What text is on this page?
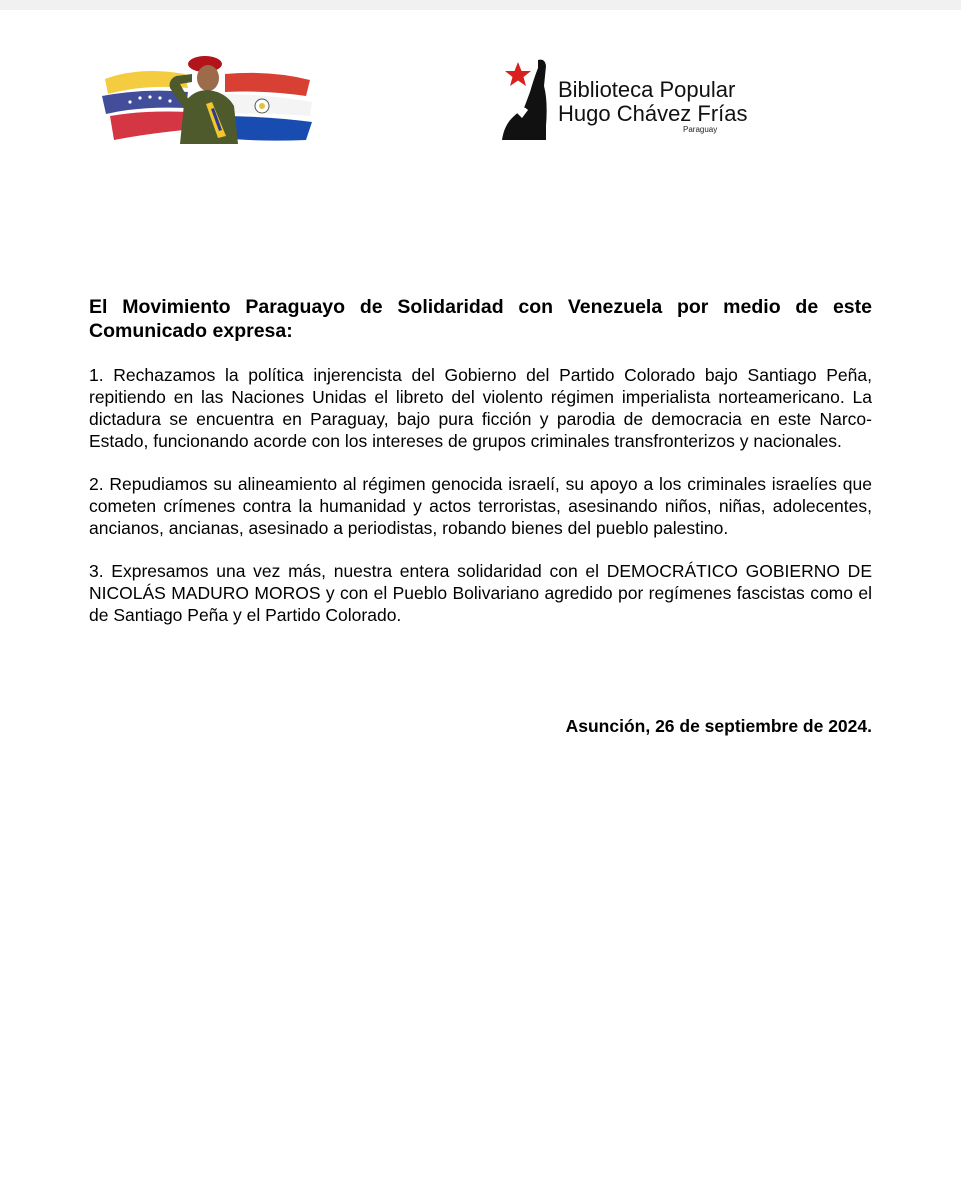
Biblioteca Popular
Hugo Chávez Frías
Paraguay

El Movimiento Paraguayo de Solidaridad con Venezuela por medio de este Comunicado expresa:

1. Rechazamos la política injerencista del Gobierno del Partido Colorado bajo Santiago Peña, repitiendo en las Naciones Unidas el libreto del violento régimen imperialista norteamericano. La dictadura se encuentra en Paraguay, bajo pura ficción y parodia de democracia en este Narco-Estado, funcionando acorde con los intereses de grupos criminales transfronterizos y nacionales.

2. Repudiamos su alineamiento al régimen genocida israelí, su apoyo a los criminales israelíes que cometen crímenes contra la humanidad y actos terroristas, asesinando niños, niñas, adolecentes, ancianos, ancianas, asesinado a periodistas, robando bienes del pueblo palestino.

3. Expresamos una vez más, nuestra entera solidaridad con el DEMOCRÁTICO GOBIERNO DE NICOLÁS MADURO MOROS y con el Pueblo Bolivariano agredido por regímenes fascistas como el de Santiago Peña y el Partido Colorado.

Asunción, 26 de septiembre de 2024.
